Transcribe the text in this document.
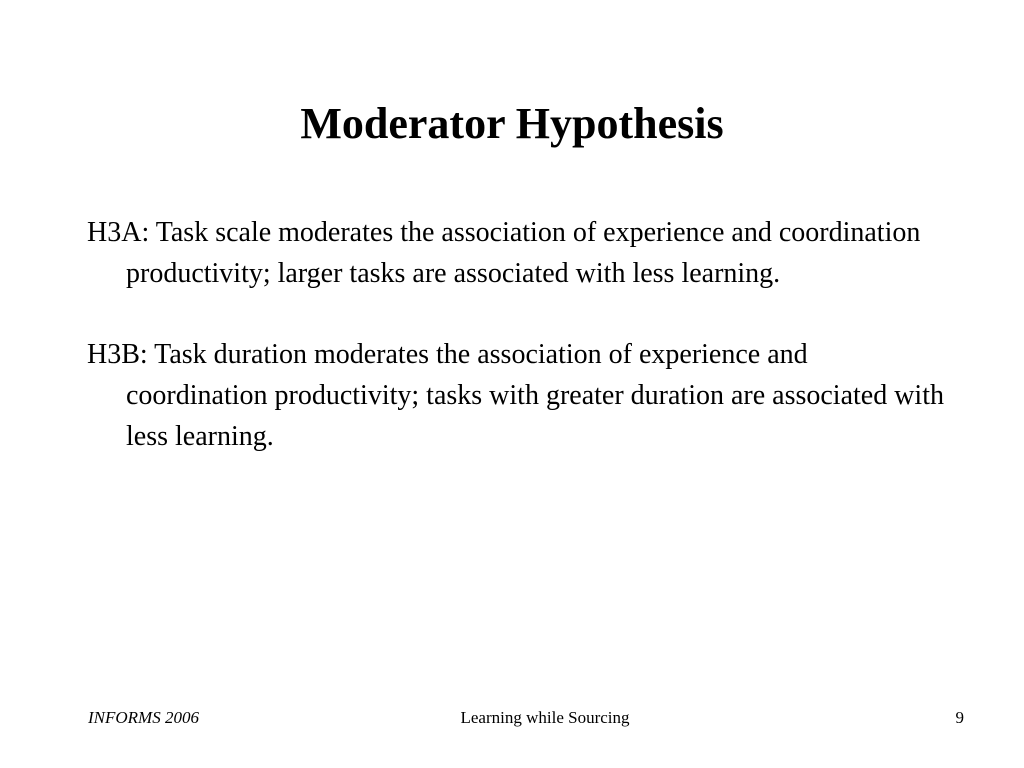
Moderator Hypothesis
H3A: Task scale moderates the association of experience and coordination productivity; larger tasks are associated with less learning.
H3B: Task duration moderates the association of experience and coordination productivity; tasks with greater duration are associated with less learning.
INFORMS 2006	Learning while Sourcing	9
